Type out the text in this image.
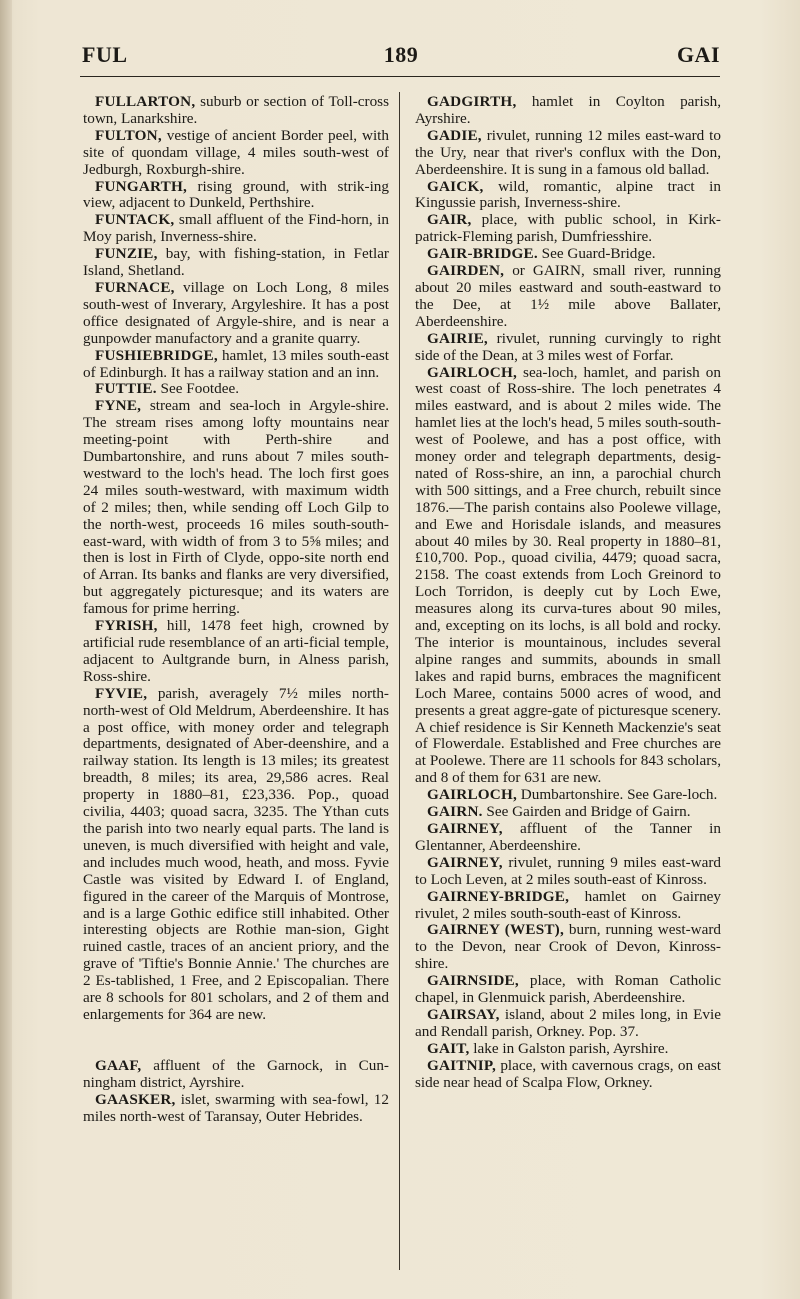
FUL	189	GAI

FULLARTON, suburb or section of Toll-cross town, Lanarkshire.

FULTON, vestige of ancient Border peel, with site of quondam village, 4 miles south-west of Jedburgh, Roxburgh-shire.

FUNGARTH, rising ground, with strik-ing view, adjacent to Dunkeld, Perthshire.

FUNTACK, small affluent of the Find-horn, in Moy parish, Inverness-shire.

FUNZIE, bay, with fishing-station, in Fetlar Island, Shetland.

FURNACE, village on Loch Long, 8 miles south-west of Inverary, Argyleshire. It has a post office designated of Argyle-shire, and is near a gunpowder manufactory and a granite quarry.

FUSHIEBRIDGE, hamlet, 13 miles south-east of Edinburgh. It has a railway station and an inn.

FUTTIE. See Footdee.

FYNE, stream and sea-loch in Argyle-shire. The stream rises among lofty mountains near meeting-point with Perth-shire and Dumbartonshire, and runs about 7 miles south-westward to the loch's head. The loch first goes 24 miles south-westward, with maximum width of 2 miles; then, while sending off Loch Gilp to the north-west, proceeds 16 miles south-south-east-ward, with width of from 3 to 5⅝ miles; and then is lost in Firth of Clyde, oppo-site north end of Arran. Its banks and flanks are very diversified, but aggregately picturesque; and its waters are famous for prime herring.

FYRISH, hill, 1478 feet high, crowned by artificial rude resemblance of an arti-ficial temple, adjacent to Aultgrande burn, in Alness parish, Ross-shire.

FYVIE, parish, averagely 7½ miles north-north-west of Old Meldrum, Aberdeenshire. It has a post office, with money order and telegraph departments, designated of Aber-deenshire, and a railway station. Its length is 13 miles; its greatest breadth, 8 miles; its area, 29,586 acres. Real property in 1880–81, £23,336. Pop., quoad civilia, 4403; quoad sacra, 3235. The Ythan cuts the parish into two nearly equal parts. The land is uneven, is much diversified with height and vale, and includes much wood, heath, and moss. Fyvie Castle was visited by Edward I. of England, figured in the career of the Marquis of Montrose, and is a large Gothic edifice still inhabited. Other interesting objects are Rothie man-sion, Gight ruined castle, traces of an ancient priory, and the grave of 'Tiftie's Bonnie Annie.' The churches are 2 Es-tablished, 1 Free, and 2 Episcopalian. There are 8 schools for 801 scholars, and 2 of them and enlargements for 364 are new.

GAAF, affluent of the Garnock, in Cun-ningham district, Ayrshire.

GAASKER, islet, swarming with sea-fowl, 12 miles north-west of Taransay, Outer Hebrides.

GADGIRTH, hamlet in Coylton parish, Ayrshire.

GADIE, rivulet, running 12 miles east-ward to the Ury, near that river's conflux with the Don, Aberdeenshire. It is sung in a famous old ballad.

GAICK, wild, romantic, alpine tract in Kingussie parish, Inverness-shire.

GAIR, place, with public school, in Kirk-patrick-Fleming parish, Dumfriesshire.

GAIR-BRIDGE. See Guard-Bridge.

GAIRDEN, or GAIRN, small river, running about 20 miles eastward and south-eastward to the Dee, at 1½ mile above Ballater, Aberdeenshire.

GAIRIE, rivulet, running curvingly to right side of the Dean, at 3 miles west of Forfar.

GAIRLOCH, sea-loch, hamlet, and parish on west coast of Ross-shire. The loch penetrates 4 miles eastward, and is about 2 miles wide. The hamlet lies at the loch's head, 5 miles south-south-west of Poolewe, and has a post office, with money order and telegraph departments, desig-nated of Ross-shire, an inn, a parochial church with 500 sittings, and a Free church, rebuilt since 1876.—The parish contains also Poolewe village, and Ewe and Horisdale islands, and measures about 40 miles by 30. Real property in 1880–81, £10,700. Pop., quoad civilia, 4479; quoad sacra, 2158. The coast extends from Loch Greinord to Loch Torridon, is deeply cut by Loch Ewe, measures along its curva-tures about 90 miles, and, excepting on its lochs, is all bold and rocky. The interior is mountainous, includes several alpine ranges and summits, abounds in small lakes and rapid burns, embraces the magnificent Loch Maree, contains 5000 acres of wood, and presents a great aggre-gate of picturesque scenery. A chief residence is Sir Kenneth Mackenzie's seat of Flowerdale. Established and Free churches are at Poolewe. There are 11 schools for 843 scholars, and 8 of them for 631 are new.

GAIRLOCH, Dumbartonshire. See Gare-loch.

GAIRN. See Gairden and Bridge of Gairn.

GAIRNEY, affluent of the Tanner in Glentanner, Aberdeenshire.

GAIRNEY, rivulet, running 9 miles east-ward to Loch Leven, at 2 miles south-east of Kinross.

GAIRNEY-BRIDGE, hamlet on Gairney rivulet, 2 miles south-south-east of Kinross.

GAIRNEY (WEST), burn, running west-ward to the Devon, near Crook of Devon, Kinross-shire.

GAIRNSIDE, place, with Roman Catholic chapel, in Glenmuick parish, Aberdeenshire.

GAIRSAY, island, about 2 miles long, in Evie and Rendall parish, Orkney. Pop. 37.

GAIT, lake in Galston parish, Ayrshire.

GAITNIP, place, with cavernous crags, on east side near head of Scalpa Flow, Orkney.
